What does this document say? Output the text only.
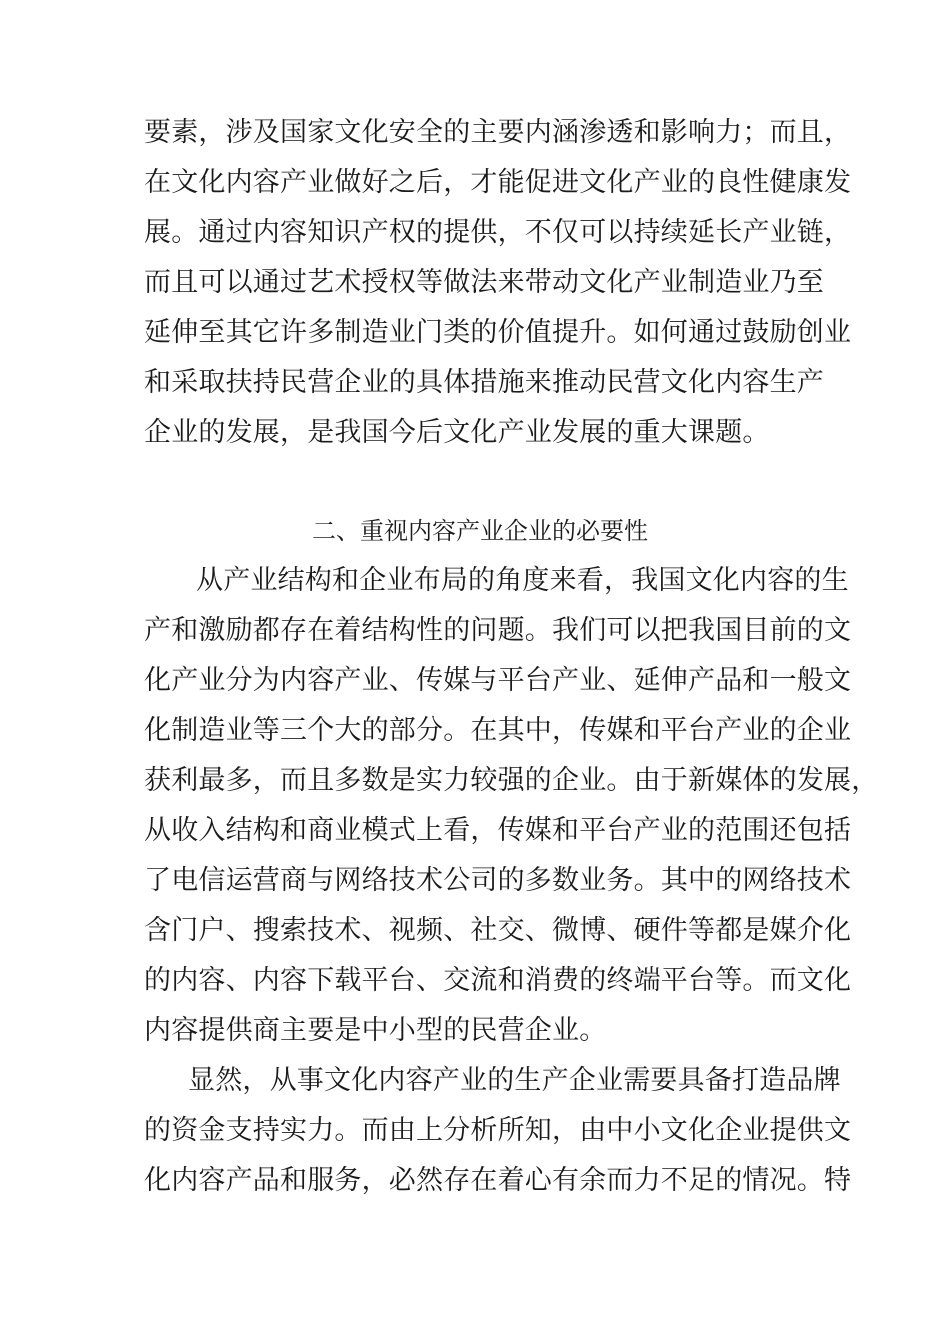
要素，涉及国家文化安全的主要内涵渗透和影响力；而且，
在文化内容产业做好之后，才能促进文化产业的良性健康发
展。通过内容知识产权的提供，不仅可以持续延长产业链，
而且可以通过艺术授权等做法来带动文化产业制造业乃至
延伸至其它许多制造业门类的价值提升。如何通过鼓励创业
和采取扶持民营企业的具体措施来推动民营文化内容生产
企业的发展，是我国今后文化产业发展的重大课题。
二、重视内容产业企业的必要性
从产业结构和企业布局的角度来看，我国文化内容的生
产和激励都存在着结构性的问题。我们可以把我国目前的文
化产业分为内容产业、传媒与平台产业、延伸产品和一般文
化制造业等三个大的部分。在其中，传媒和平台产业的企业
获利最多，而且多数是实力较强的企业。由于新媒体的发展，
从收入结构和商业模式上看，传媒和平台产业的范围还包括
了电信运营商与网络技术公司的多数业务。其中的网络技术
含门户、搜索技术、视频、社交、微博、硬件等都是媒介化
的内容、内容下载平台、交流和消费的终端平台等。而文化
内容提供商主要是中小型的民营企业。
显然，从事文化内容产业的生产企业需要具备打造品牌
的资金支持实力。而由上分析所知，由中小文化企业提供文
化内容产品和服务，必然存在着心有余而力不足的情况。特
